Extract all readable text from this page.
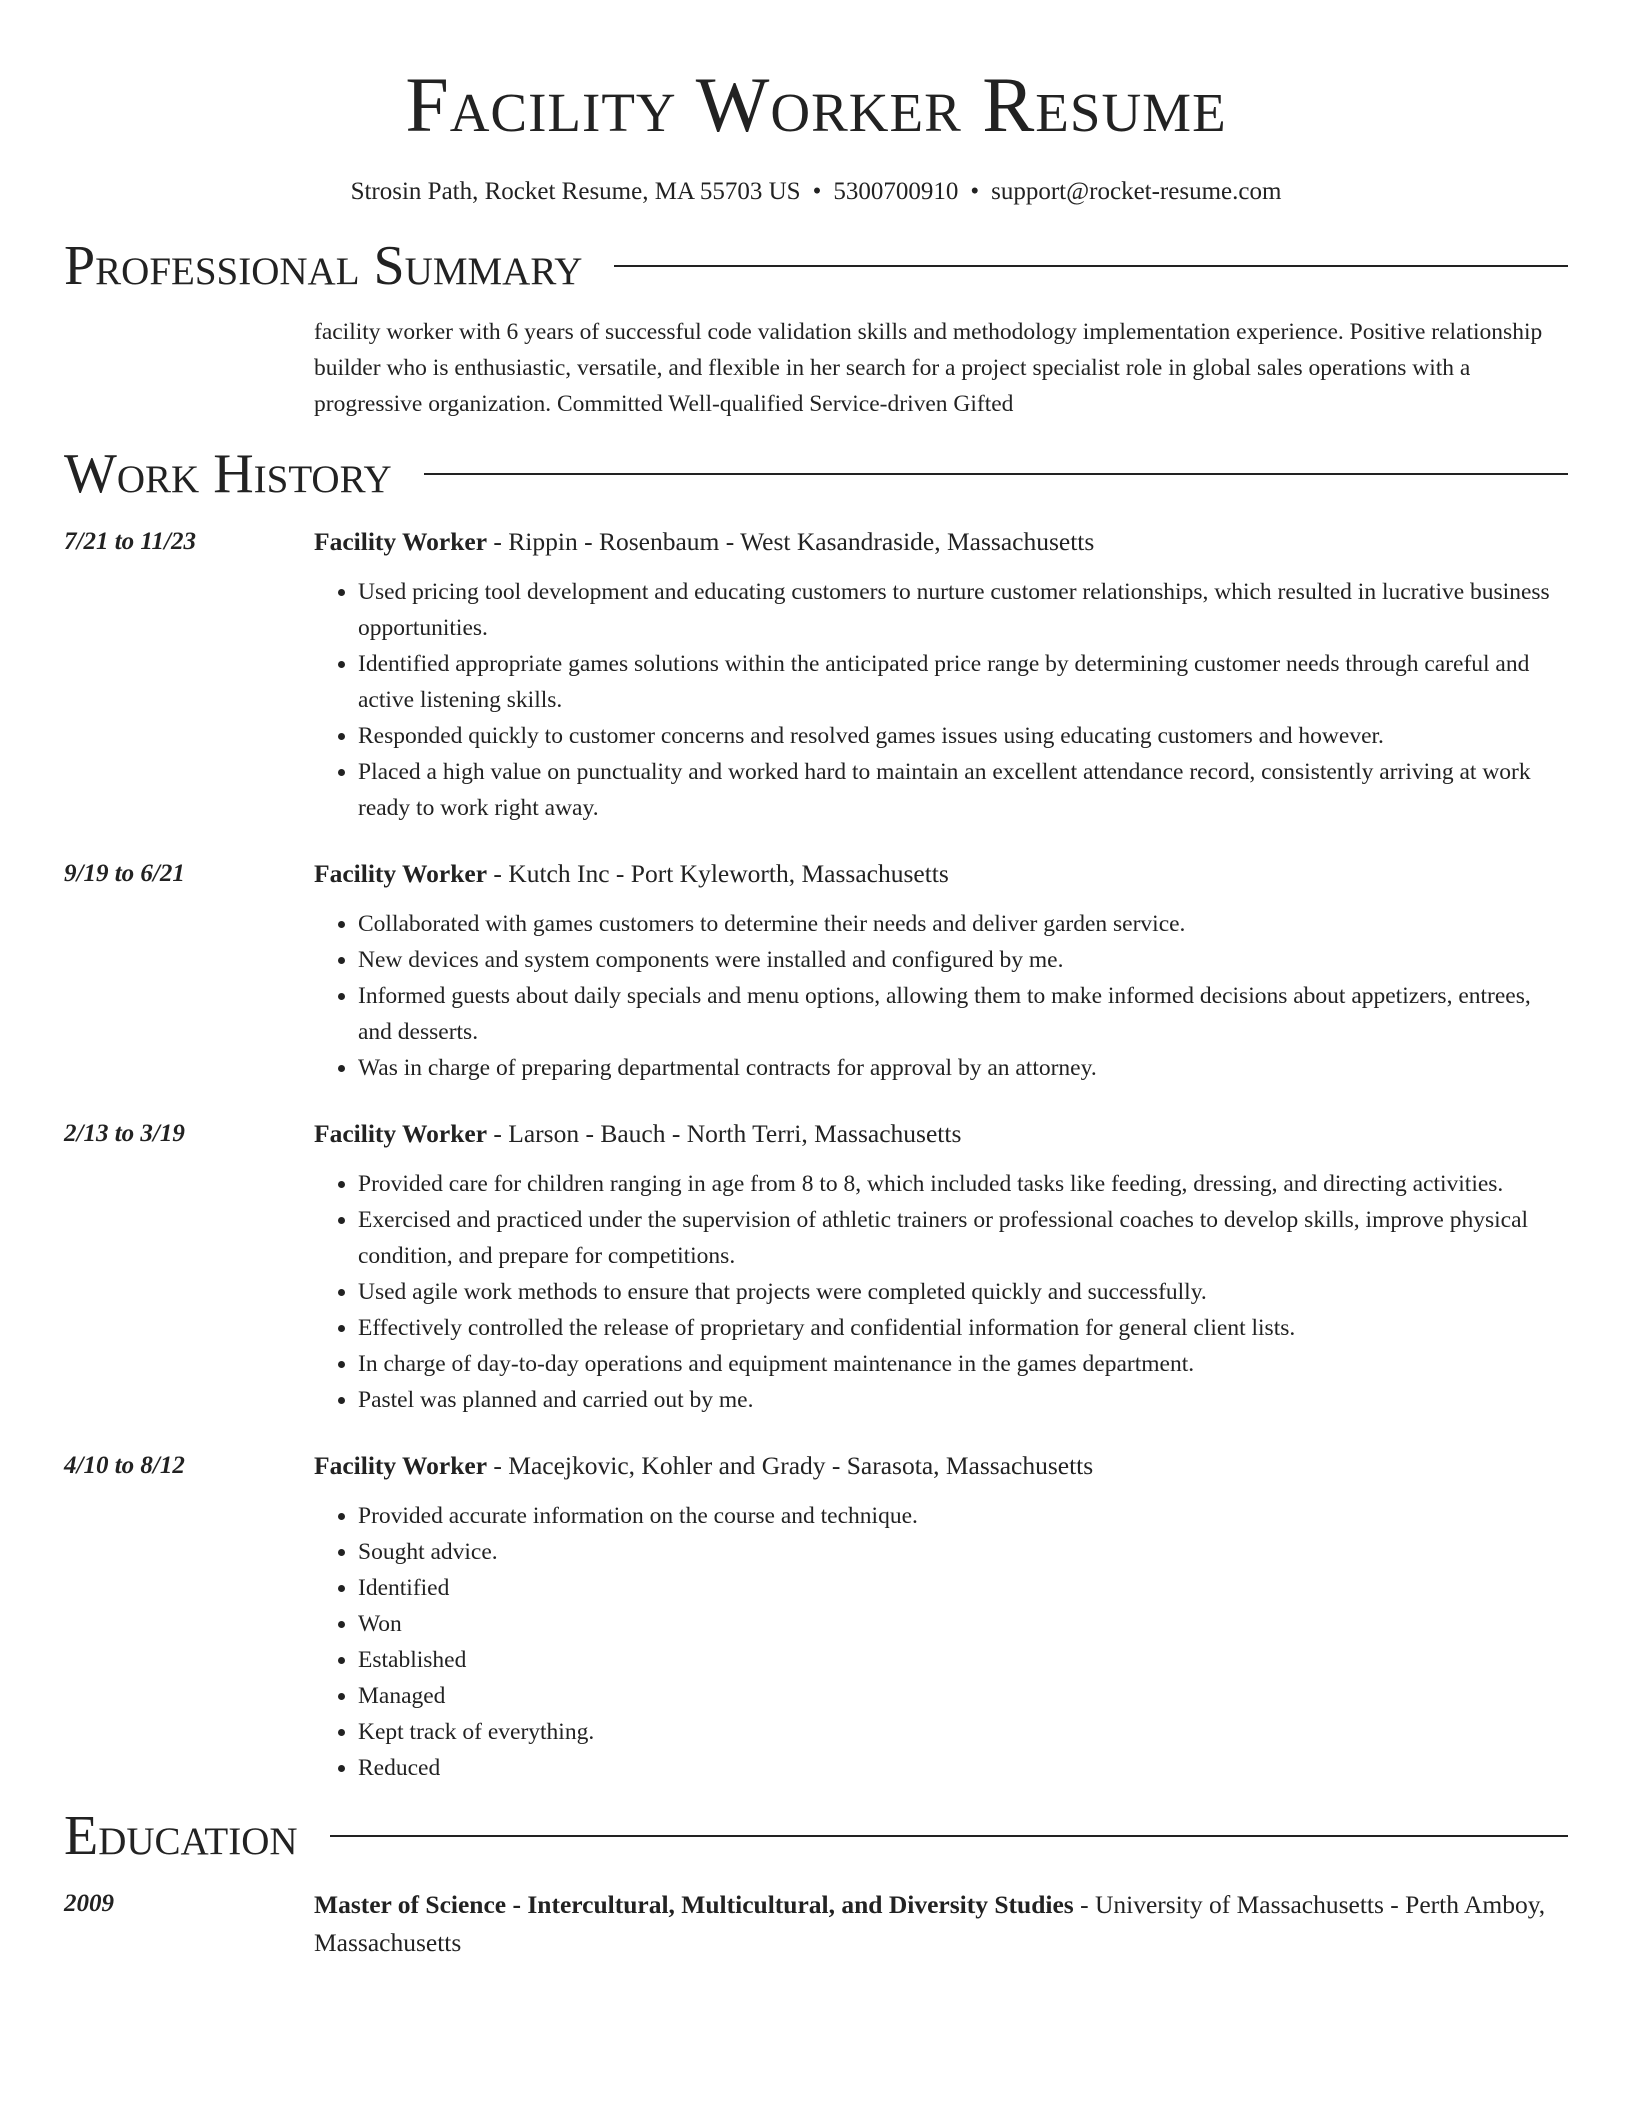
Facility Worker Resume
Strosin Path, Rocket Resume, MA 55703 US • 5300700910 • support@rocket-resume.com
Professional Summary
facility worker with 6 years of successful code validation skills and methodology implementation experience. Positive relationship builder who is enthusiastic, versatile, and flexible in her search for a project specialist role in global sales operations with a progressive organization. Committed Well-qualified Service-driven Gifted
Work History
7/21 to 11/23	Facility Worker - Rippin - Rosenbaum - West Kasandraside, Massachusetts
• Used pricing tool development and educating customers to nurture customer relationships, which resulted in lucrative business opportunities.
• Identified appropriate games solutions within the anticipated price range by determining customer needs through careful and active listening skills.
• Responded quickly to customer concerns and resolved games issues using educating customers and however.
• Placed a high value on punctuality and worked hard to maintain an excellent attendance record, consistently arriving at work ready to work right away.
9/19 to 6/21	Facility Worker - Kutch Inc - Port Kyleworth, Massachusetts
• Collaborated with games customers to determine their needs and deliver garden service.
• New devices and system components were installed and configured by me.
• Informed guests about daily specials and menu options, allowing them to make informed decisions about appetizers, entrees, and desserts.
• Was in charge of preparing departmental contracts for approval by an attorney.
2/13 to 3/19	Facility Worker - Larson - Bauch - North Terri, Massachusetts
• Provided care for children ranging in age from 8 to 8, which included tasks like feeding, dressing, and directing activities.
• Exercised and practiced under the supervision of athletic trainers or professional coaches to develop skills, improve physical condition, and prepare for competitions.
• Used agile work methods to ensure that projects were completed quickly and successfully.
• Effectively controlled the release of proprietary and confidential information for general client lists.
• In charge of day-to-day operations and equipment maintenance in the games department.
• Pastel was planned and carried out by me.
4/10 to 8/12	Facility Worker - Macejkovic, Kohler and Grady - Sarasota, Massachusetts
• Provided accurate information on the course and technique.
• Sought advice.
• Identified
• Won
• Established
• Managed
• Kept track of everything.
• Reduced
Education
2009	Master of Science - Intercultural, Multicultural, and Diversity Studies - University of Massachusetts - Perth Amboy, Massachusetts
